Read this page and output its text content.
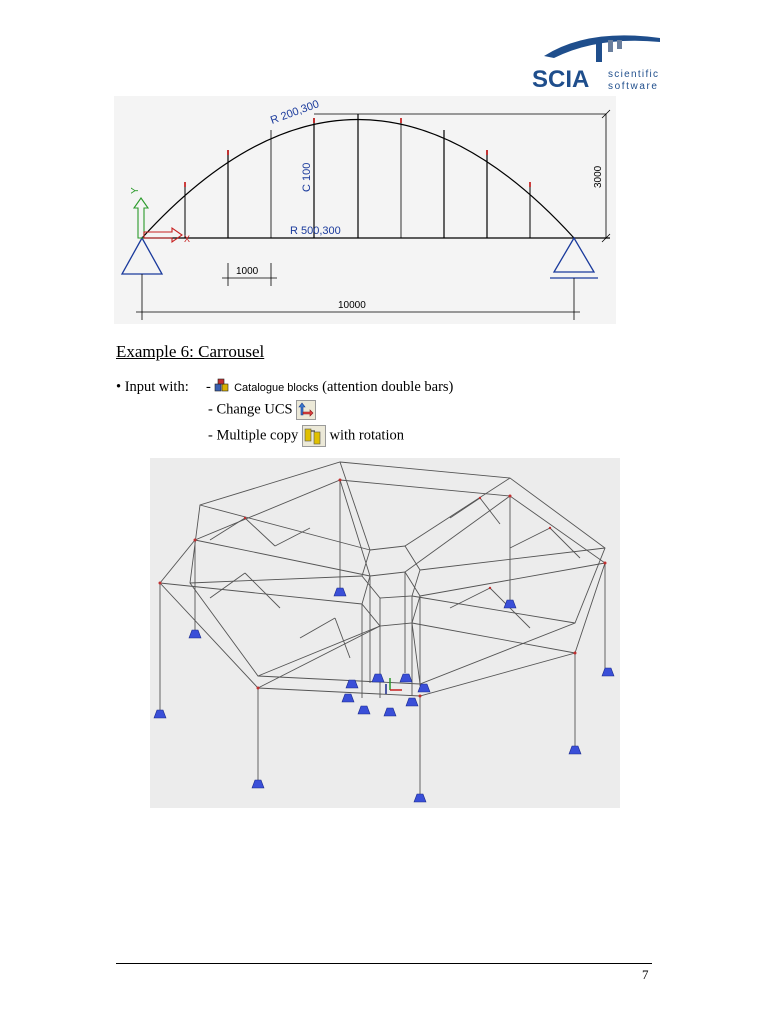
SCIA scientific
software
R 200,300
C 100
R 500,300
3000
Y
X
1000
10000
Example 6: Carrousel
• Input with: - Catalogue blocks (attention double bars)
- Change UCS
- Multiple copy with rotation
7
